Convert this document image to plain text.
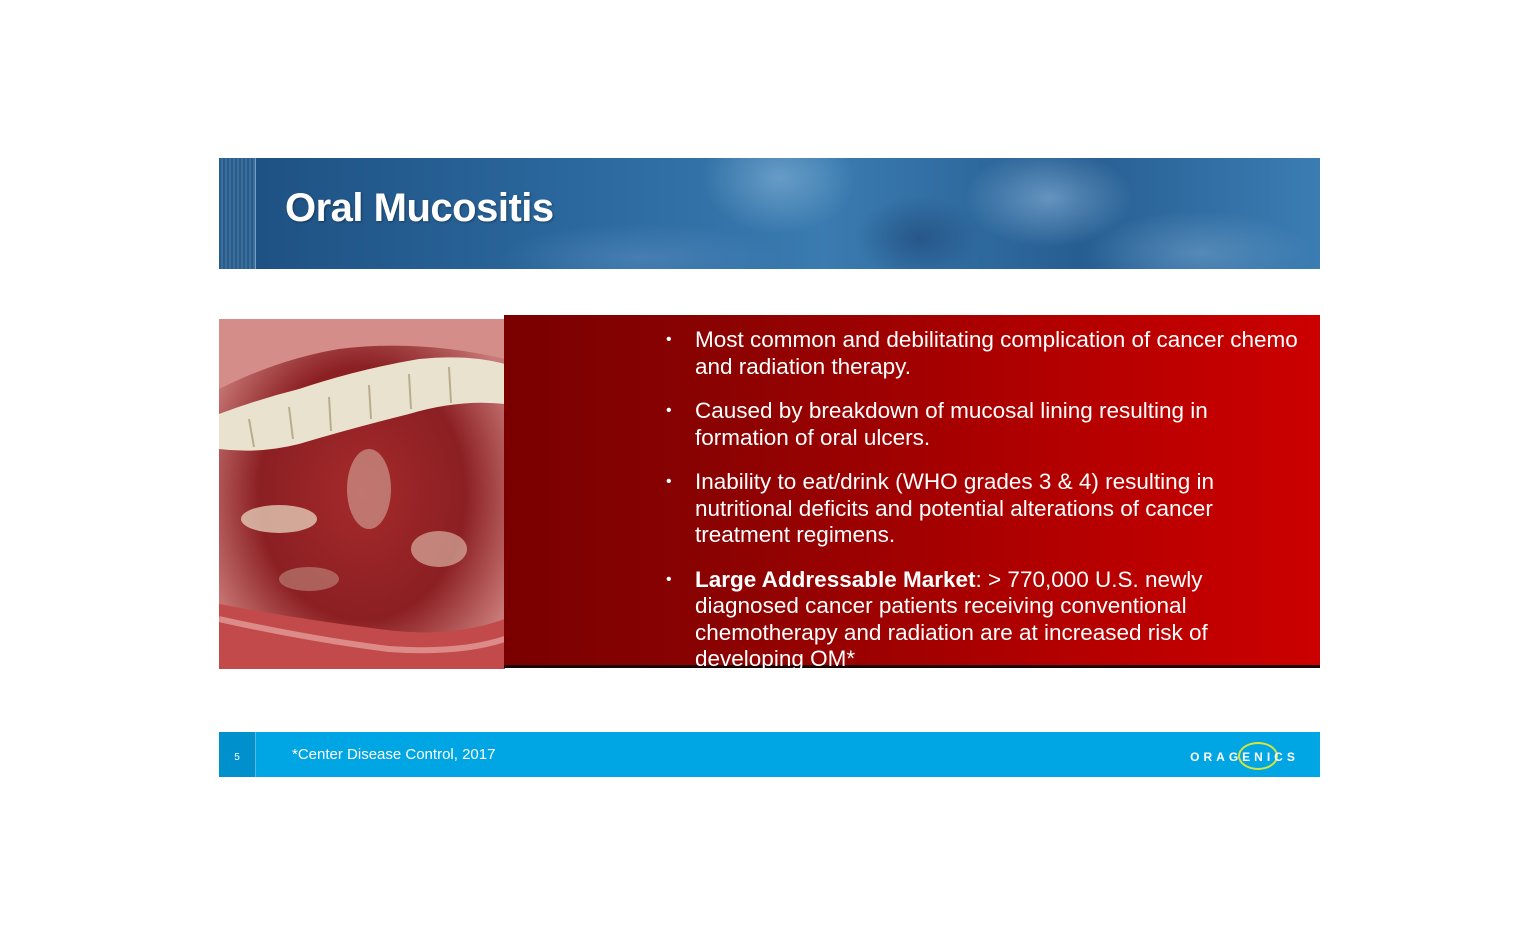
Oral Mucositis
• Most common and debilitating complication of cancer chemo and radiation therapy.
• Caused by breakdown of mucosal lining resulting in formation of oral ulcers.
• Inability to eat/drink (WHO grades 3 & 4) resulting in nutritional deficits and potential alterations of cancer treatment regimens.
• Large Addressable Market: > 770,000 U.S. newly diagnosed cancer patients receiving conventional chemotherapy and radiation are at increased risk of developing OM*
5	*Center Disease Control, 2017	ORAGENICS
